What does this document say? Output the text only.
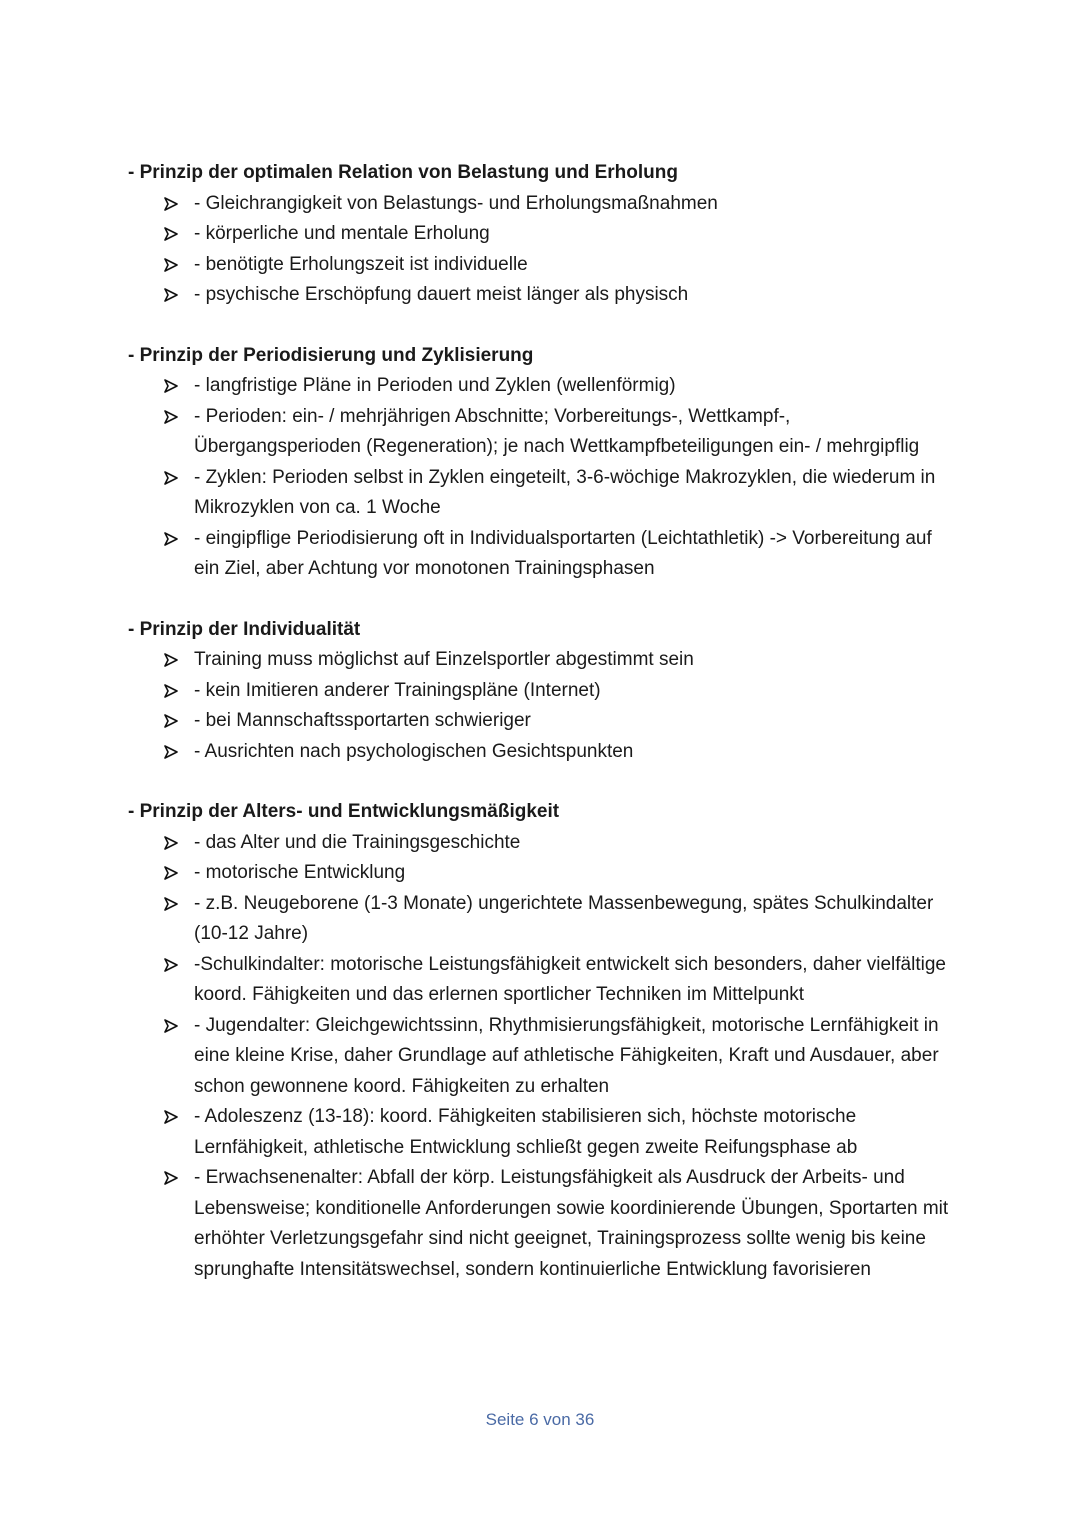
- Prinzip der optimalen Relation von Belastung und Erholung

- Gleichrangigkeit von Belastungs- und Erholungsmaßnahmen
- körperliche und mentale Erholung
- benötigte Erholungszeit ist individuelle
- psychische Erschöpfung dauert meist länger als physisch

- Prinzip der Periodisierung und Zyklisierung

- langfristige Pläne in Perioden und Zyklen (wellenförmig)
- Perioden: ein- / mehrjährigen Abschnitte; Vorbereitungs-, Wettkampf-, Übergangsperioden (Regeneration); je nach Wettkampfbeteiligungen ein- / mehrgipflig
- Zyklen: Perioden selbst in Zyklen eingeteilt, 3-6-wöchige Makrozyklen, die wiederum in Mikrozyklen von ca. 1 Woche
- eingipflige Periodisierung oft in Individualsportarten (Leichtathletik) -> Vorbereitung auf ein Ziel, aber Achtung vor monotonen Trainingsphasen

- Prinzip der Individualität

Training muss möglichst auf Einzelsportler abgestimmt sein
- kein Imitieren anderer Trainingspläne (Internet)
- bei Mannschaftssportarten schwieriger
- Ausrichten nach psychologischen Gesichtspunkten

- Prinzip der Alters- und Entwicklungsmäßigkeit

- das Alter und die Trainingsgeschichte
- motorische Entwicklung
- z.B. Neugeborene (1-3 Monate) ungerichtete Massenbewegung, spätes Schulkindalter (10-12 Jahre)
-Schulkindalter: motorische Leistungsfähigkeit entwickelt sich besonders, daher vielfältige koord. Fähigkeiten und das erlernen sportlicher Techniken im Mittelpunkt
- Jugendalter: Gleichgewichtssinn, Rhythmisierungsfähigkeit, motorische Lernfähigkeit in eine kleine Krise, daher Grundlage auf athletische Fähigkeiten, Kraft und Ausdauer, aber schon gewonnene koord. Fähigkeiten zu erhalten
- Adoleszenz (13-18): koord. Fähigkeiten stabilisieren sich, höchste motorische Lernfähigkeit, athletische Entwicklung schließt gegen zweite Reifungsphase ab
- Erwachsenenalter: Abfall der körp. Leistungsfähigkeit als Ausdruck der Arbeits- und Lebensweise; konditionelle Anforderungen sowie koordinierende Übungen, Sportarten mit erhöhter Verletzungsgefahr sind nicht geeignet, Trainingsprozess sollte wenig bis keine sprunghafte Intensitätswechsel, sondern kontinuierliche Entwicklung favorisieren
Seite 6 von 36
